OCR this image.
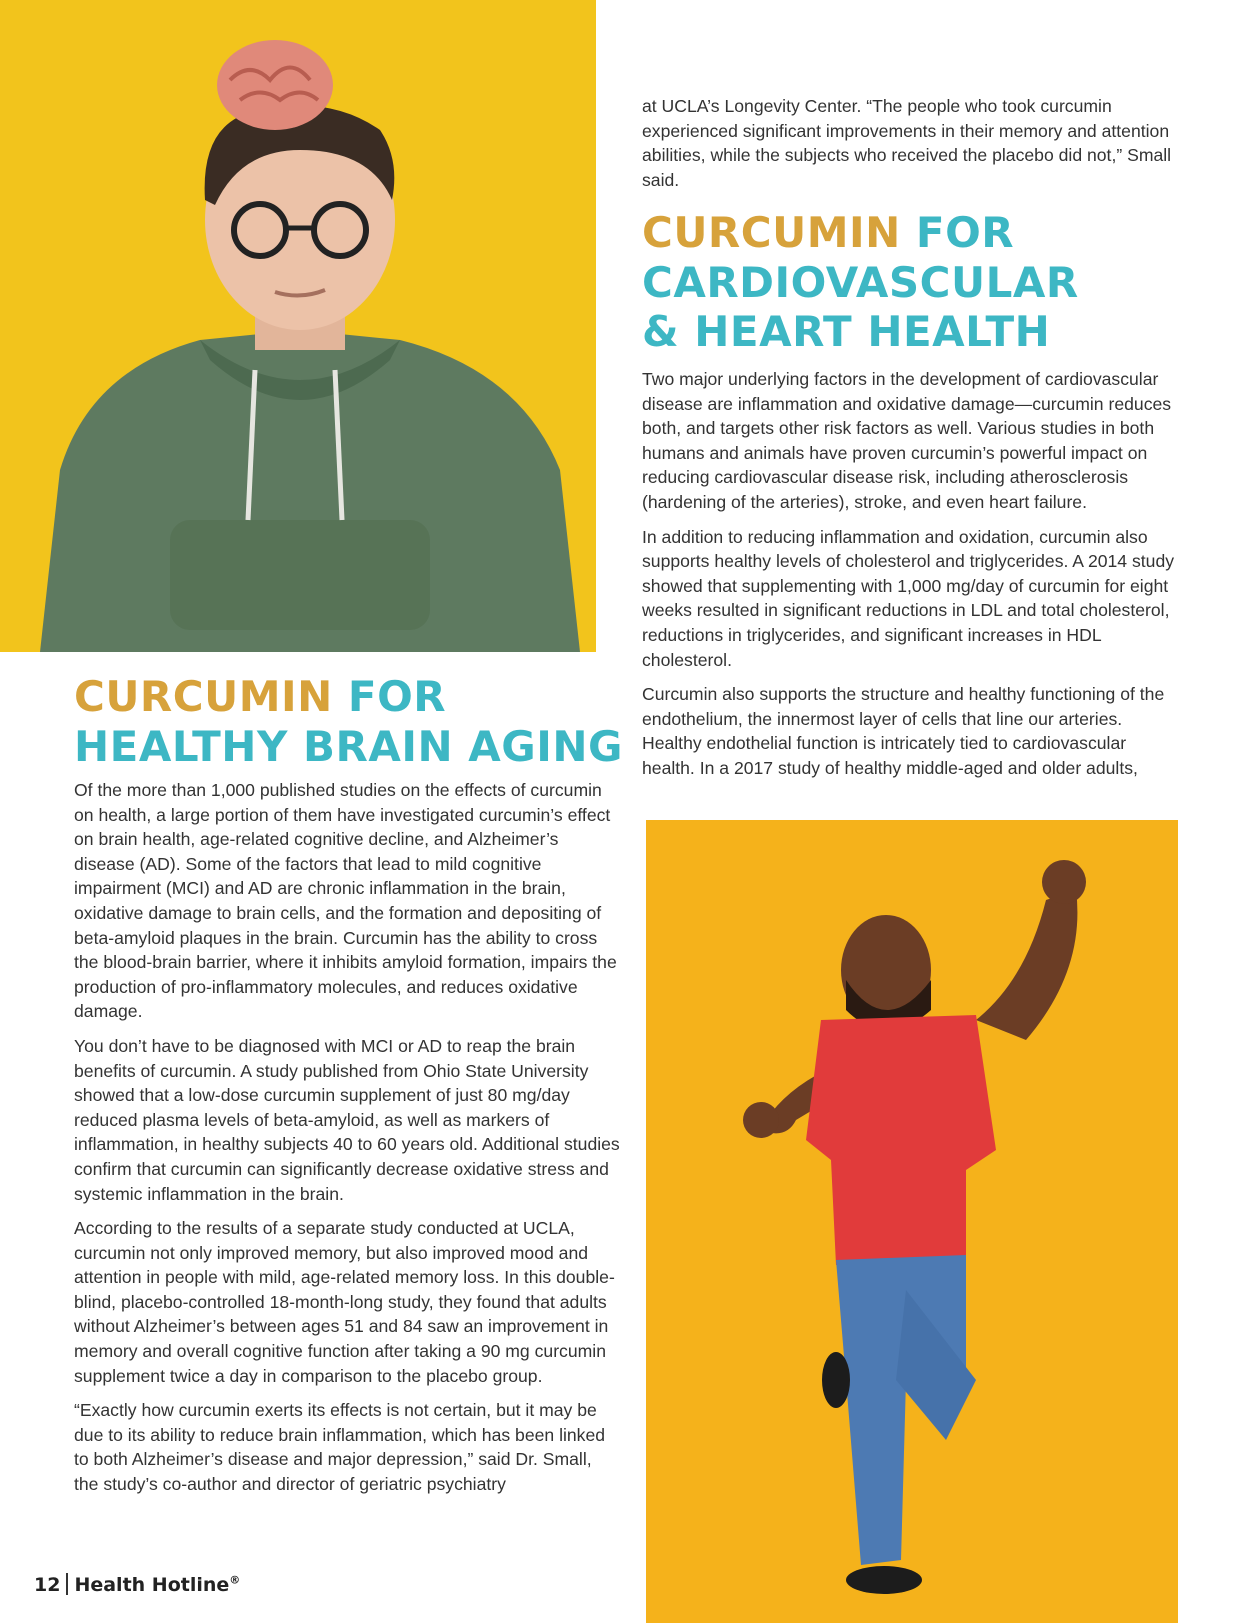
at UCLA’s Longevity Center. “The people who took curcumin experienced significant improvements in their memory and attention abilities, while the subjects who received the placebo did not,” Small said.

CURCUMIN FOR
CARDIOVASCULAR
& HEART HEALTH

Two major underlying factors in the development of cardiovascular disease are inflammation and oxidative damage—curcumin reduces both, and targets other risk factors as well. Various studies in both humans and animals have proven curcumin’s powerful impact on reducing cardiovascular disease risk, including atherosclerosis (hardening of the arteries), stroke, and even heart failure.

In addition to reducing inflammation and oxidation, curcumin also supports healthy levels of cholesterol and triglycerides. A 2014 study showed that supplementing with 1,000 mg/day of curcumin for eight weeks resulted in significant reductions in LDL and total cholesterol, reductions in triglycerides, and significant increases in HDL cholesterol.

Curcumin also supports the structure and healthy functioning of the endothelium, the innermost layer of cells that line our arteries. Healthy endothelial function is intricately tied to cardiovascular health. In a 2017 study of healthy middle-aged and older adults,

CURCUMIN FOR
HEALTHY BRAIN AGING

Of the more than 1,000 published studies on the effects of curcumin on health, a large portion of them have investigated curcumin’s effect on brain health, age-related cognitive decline, and Alzheimer’s disease (AD). Some of the factors that lead to mild cognitive impairment (MCI) and AD are chronic inflammation in the brain, oxidative damage to brain cells, and the formation and depositing of beta-amyloid plaques in the brain. Curcumin has the ability to cross the blood-brain barrier, where it inhibits amyloid formation, impairs the production of pro-inflammatory molecules, and reduces oxidative damage.

You don’t have to be diagnosed with MCI or AD to reap the brain benefits of curcumin. A study published from Ohio State University showed that a low-dose curcumin supplement of just 80 mg/day reduced plasma levels of beta-amyloid, as well as markers of inflammation, in healthy subjects 40 to 60 years old. Additional studies confirm that curcumin can significantly decrease oxidative stress and systemic inflammation in the brain.

According to the results of a separate study conducted at UCLA, curcumin not only improved memory, but also improved mood and attention in people with mild, age-related memory loss. In this double-blind, placebo-controlled 18-month-long study, they found that adults without Alzheimer’s between ages 51 and 84 saw an improvement in memory and overall cognitive function after taking a 90 mg curcumin supplement twice a day in comparison to the placebo group.

“Exactly how curcumin exerts its effects is not certain, but it may be due to its ability to reduce brain inflammation, which has been linked to both Alzheimer’s disease and major depression,” said Dr. Small, the study’s co-author and director of geriatric psychiatry

12 Health Hotline®
